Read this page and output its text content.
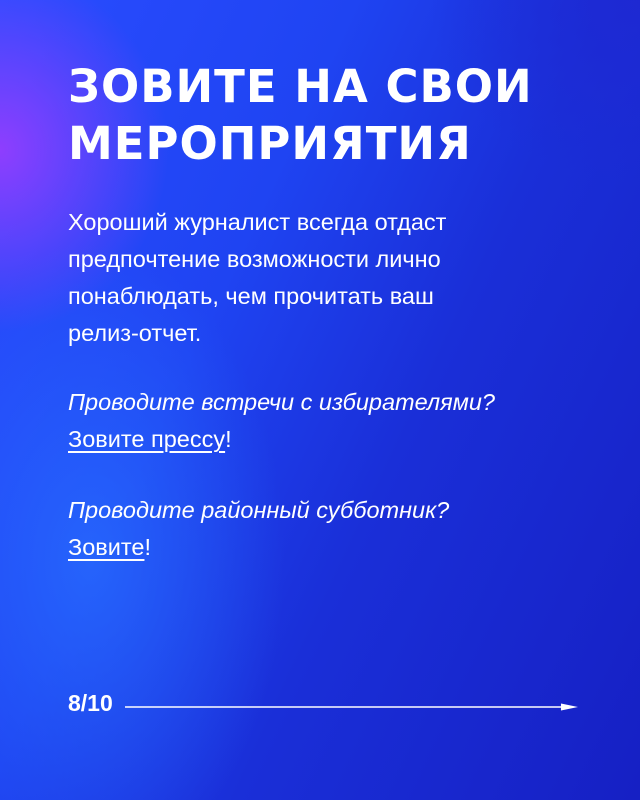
ЗОВИТЕ НА СВОИ
МЕРОПРИЯТИЯ

Хороший журналист всегда отдаст
предпочтение возможности лично
понаблюдать, чем прочитать ваш
релиз-отчет.

Проводите встречи с избирателями?
Зовите прессу!

Проводите районный субботник?
Зовите!

8/10
